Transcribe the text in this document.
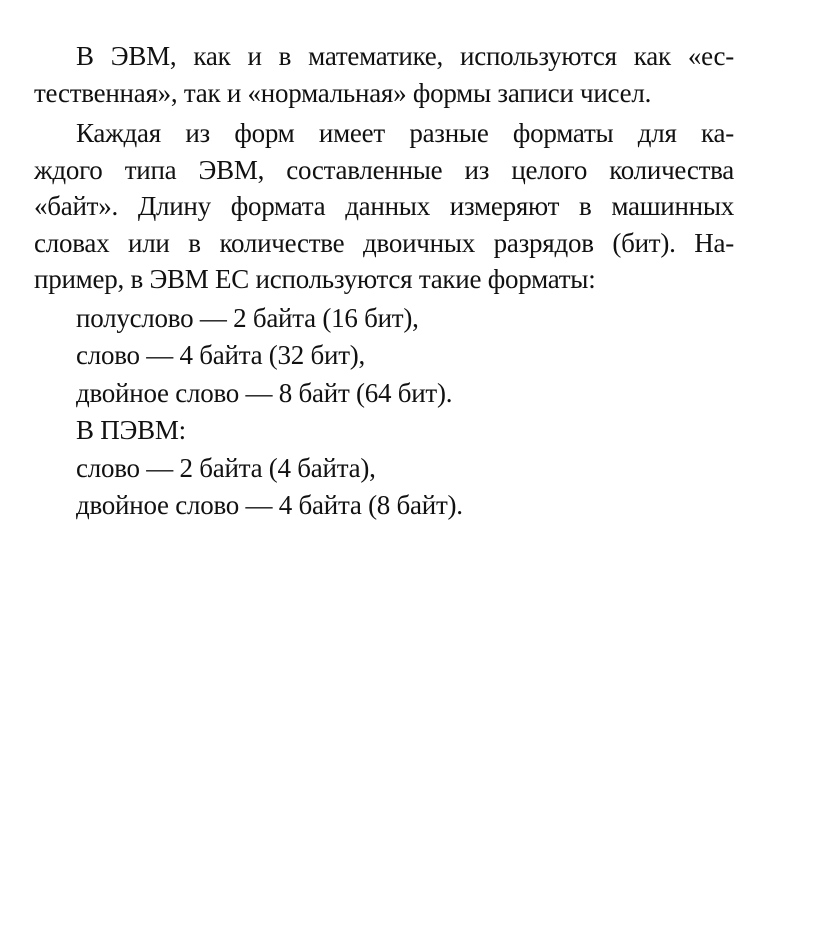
В ЭВМ, как и в математике, используются как «ес-
тественная», так и «нормальная» формы записи чисел.
Каждая из форм имеет разные форматы для ка-
ждого типа ЭВМ, составленные из целого количества
«байт». Длину формата данных измеряют в машинных
словах или в количестве двоичных разрядов (бит). На-
пример, в ЭВМ ЕС используются такие форматы:
полуслово — 2 байта (16 бит),
слово — 4 байта (32 бит),
двойное слово — 8 байт (64 бит).

В ПЭВМ:

слово — 2 байта (4 байта),
двойное слово — 4 байта (8 байт).
